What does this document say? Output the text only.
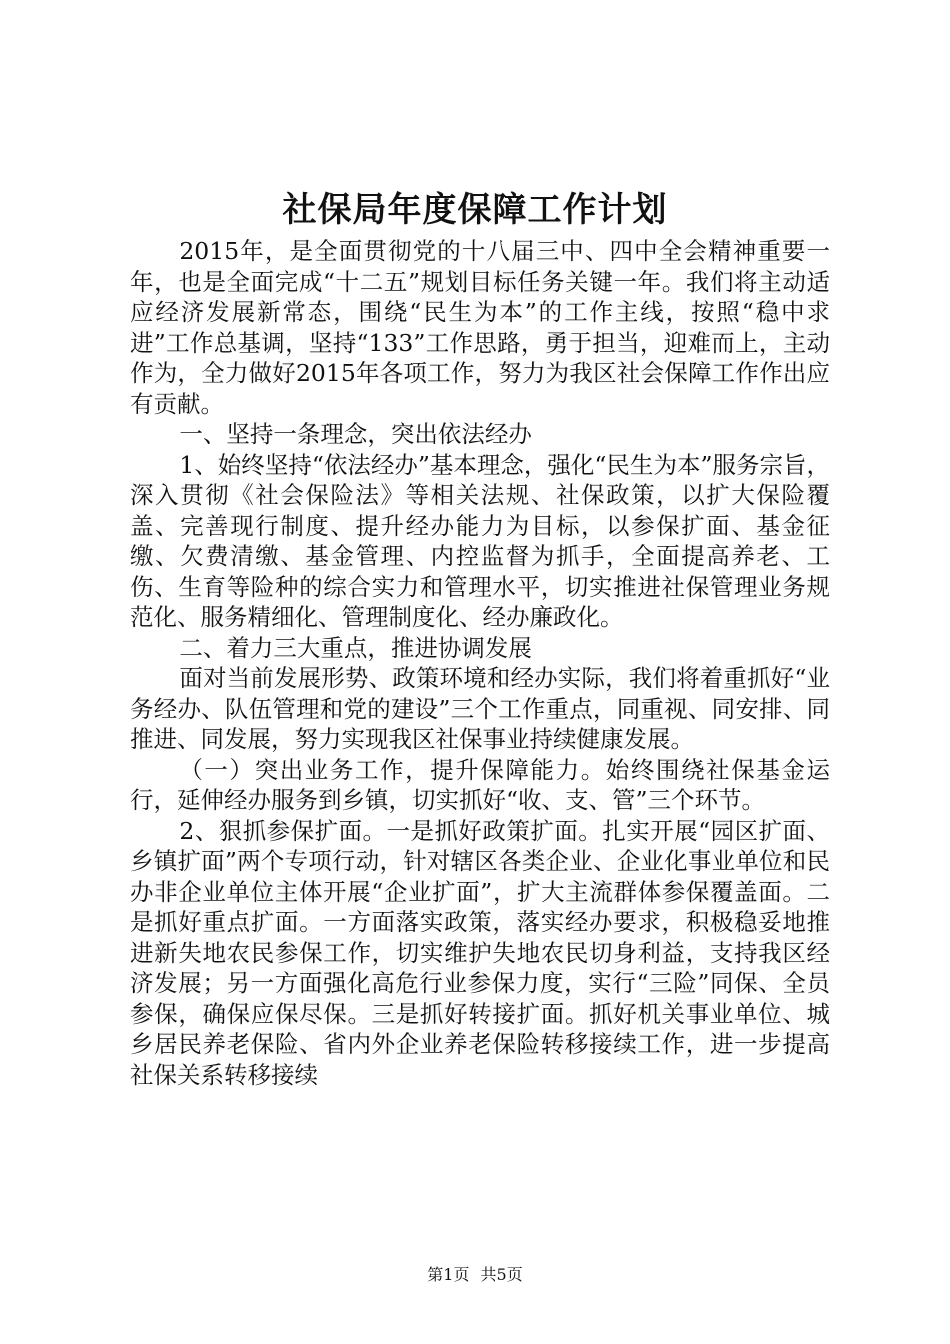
社保局年度保障工作计划

2015年，是全面贯彻党的十八届三中、四中全会精神重要一年，也是全面完成“十二五”规划目标任务关键一年。我们将主动适应经济发展新常态，围绕“民生为本”的工作主线，按照“稳中求进”工作总基调，坚持“133”工作思路，勇于担当，迎难而上，主动作为，全力做好2015年各项工作，努力为我区社会保障工作作出应有贡献。

一、坚持一条理念，突出依法经办

1、始终坚持“依法经办”基本理念，强化“民生为本”服务宗旨，深入贯彻《社会保险法》等相关法规、社保政策，以扩大保险覆盖、完善现行制度、提升经办能力为目标，以参保扩面、基金征缴、欠费清缴、基金管理、内控监督为抓手，全面提高养老、工伤、生育等险种的综合实力和管理水平，切实推进社保管理业务规范化、服务精细化、管理制度化、经办廉政化。

二、着力三大重点，推进协调发展

面对当前发展形势、政策环境和经办实际，我们将着重抓好“业务经办、队伍管理和党的建设”三个工作重点，同重视、同安排、同推进、同发展，努力实现我区社保事业持续健康发展。

（一）突出业务工作，提升保障能力。始终围绕社保基金运行，延伸经办服务到乡镇，切实抓好“收、支、管”三个环节。

2、狠抓参保扩面。一是抓好政策扩面。扎实开展“园区扩面、乡镇扩面”两个专项行动，针对辖区各类企业、企业化事业单位和民办非企业单位主体开展“企业扩面”，扩大主流群体参保覆盖面。二是抓好重点扩面。一方面落实政策，落实经办要求，积极稳妥地推进新失地农民参保工作，切实维护失地农民切身利益，支持我区经济发展；另一方面强化高危行业参保力度，实行“三险”同保、全员参保，确保应保尽保。三是抓好转接扩面。抓好机关事业单位、城乡居民养老保险、省内外企业养老保险转移接续工作，进一步提高社保关系转移接续

第1页 共5页
